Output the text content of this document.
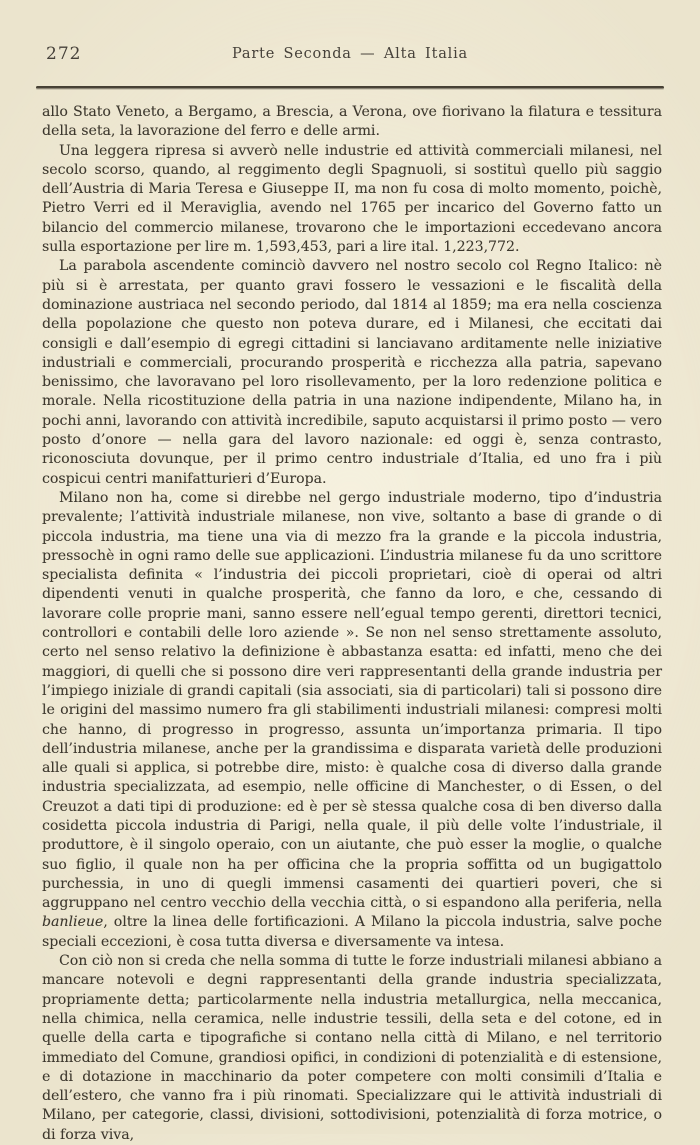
272	Parte Seconda — Alta Italia

allo Stato Veneto, a Bergamo, a Brescia, a Verona, ove fiorivano la filatura e tessitura della seta, la lavorazione del ferro e delle armi.

Una leggera ripresa si avverò nelle industrie ed attività commerciali milanesi, nel secolo scorso, quando, al reggimento degli Spagnuoli, si sostituì quello più saggio dell’Austria di Maria Teresa e Giuseppe II, ma non fu cosa di molto momento, poichè, Pietro Verri ed il Meraviglia, avendo nel 1765 per incarico del Governo fatto un bilancio del commercio milanese, trovarono che le importazioni eccedevano ancora sulla esportazione per lire m. 1,593,453, pari a lire ital. 1,223,772.

La parabola ascendente cominciò davvero nel nostro secolo col Regno Italico: nè più si è arrestata, per quanto gravi fossero le vessazioni e le fiscalità della dominazione austriaca nel secondo periodo, dal 1814 al 1859; ma era nella coscienza della popolazione che questo non poteva durare, ed i Milanesi, che eccitati dai consigli e dall’esempio di egregi cittadini si lanciavano arditamente nelle iniziative industriali e commerciali, procurando prosperità e ricchezza alla patria, sapevano benissimo, che lavoravano pel loro risollevamento, per la loro redenzione politica e morale. Nella ricostituzione della patria in una nazione indipendente, Milano ha, in pochi anni, lavorando con attività incredibile, saputo acquistarsi il primo posto — vero posto d’onore — nella gara del lavoro nazionale: ed oggi è, senza contrasto, riconosciuta dovunque, per il primo centro industriale d’Italia, ed uno fra i più cospicui centri manifatturieri d’Europa.

Milano non ha, come si direbbe nel gergo industriale moderno, tipo d’industria prevalente; l’attività industriale milanese, non vive, soltanto a base di grande o di piccola industria, ma tiene una via di mezzo fra la grande e la piccola industria, pressochè in ogni ramo delle sue applicazioni. L’industria milanese fu da uno scrittore specialista definita « l’industria dei piccoli proprietari, cioè di operai od altri dipendenti venuti in qualche prosperità, che fanno da loro, e che, cessando di lavorare colle proprie mani, sanno essere nell’egual tempo gerenti, direttori tecnici, controllori e contabili delle loro aziende ». Se non nel senso strettamente assoluto, certo nel senso relativo la definizione è abbastanza esatta: ed infatti, meno che dei maggiori, di quelli che si possono dire veri rappresentanti della grande industria per l’impiego iniziale di grandi capitali (sia associati, sia di particolari) tali si possono dire le origini del massimo numero fra gli stabilimenti industriali milanesi: compresi molti che hanno, di progresso in progresso, assunta un’importanza primaria. Il tipo dell’industria milanese, anche per la grandissima e disparata varietà delle produzioni alle quali si applica, si potrebbe dire, misto: è qualche cosa di diverso dalla grande industria specializzata, ad esempio, nelle officine di Manchester, o di Essen, o del Creuzot a dati tipi di produzione: ed è per sè stessa qualche cosa di ben diverso dalla cosidetta piccola industria di Parigi, nella quale, il più delle volte l’industriale, il produttore, è il singolo operaio, con un aiutante, che può esser la moglie, o qualche suo figlio, il quale non ha per officina che la propria soffitta od un bugigattolo purchessia, in uno di quegli immensi casamenti dei quartieri poveri, che si aggruppano nel centro vecchio della vecchia città, o si espandono alla periferia, nella banlieue, oltre la linea delle fortificazioni. A Milano la piccola industria, salve poche speciali eccezioni, è cosa tutta diversa e diversamente va intesa.

Con ciò non si creda che nella somma di tutte le forze industriali milanesi abbiano a mancare notevoli e degni rappresentanti della grande industria specializzata, propriamente detta; particolarmente nella industria metallurgica, nella meccanica, nella chimica, nella ceramica, nelle industrie tessili, della seta e del cotone, ed in quelle della carta e tipografiche si contano nella città di Milano, e nel territorio immediato del Comune, grandiosi opifici, in condizioni di potenzialità e di estensione, e di dotazione in macchinario da poter competere con molti consimili d’Italia e dell’estero, che vanno fra i più rinomati. Specializzare qui le attività industriali di Milano, per categorie, classi, divisioni, sottodivisioni, potenzialità di forza motrice, o di forza viva,
